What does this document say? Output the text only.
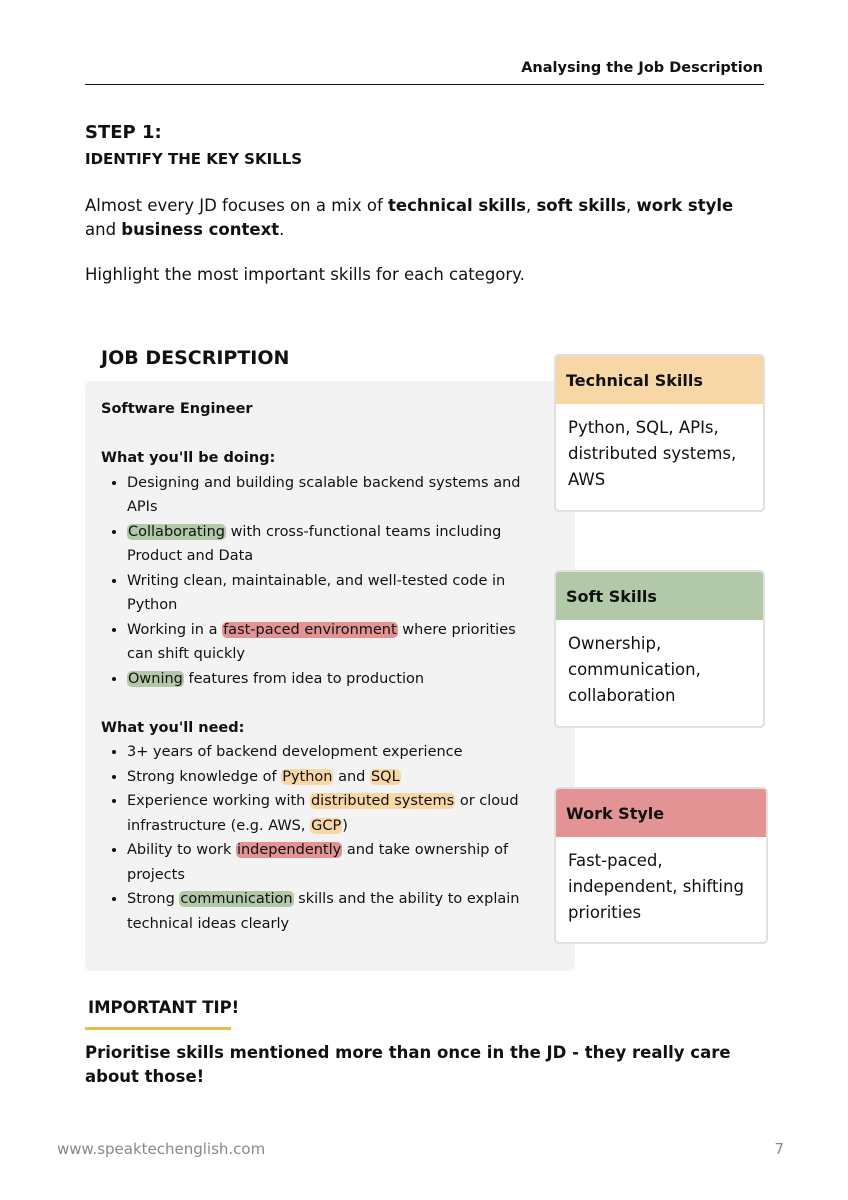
Analysing the Job Description
STEP 1:
IDENTIFY THE KEY SKILLS
Almost every JD focuses on a mix of technical skills, soft skills, work style and business context.
Highlight the most important skills for each category.
JOB DESCRIPTION
Software Engineer
What you'll be doing:
• Designing and building scalable backend systems and APIs
• Collaborating with cross-functional teams including Product and Data
• Writing clean, maintainable, and well-tested code in Python
• Working in a fast-paced environment where priorities can shift quickly
• Owning features from idea to production
What you'll need:
• 3+ years of backend development experience
• Strong knowledge of Python and SQL
• Experience working with distributed systems or cloud infrastructure (e.g. AWS, GCP)
• Ability to work independently and take ownership of projects
• Strong communication skills and the ability to explain technical ideas clearly
Technical Skills
Python, SQL, APIs, distributed systems, AWS
Soft Skills
Ownership, communication, collaboration
Work Style
Fast-paced, independent, shifting priorities
IMPORTANT TIP!
Prioritise skills mentioned more than once in the JD - they really care about those!
www.speaktechenglish.com	7
